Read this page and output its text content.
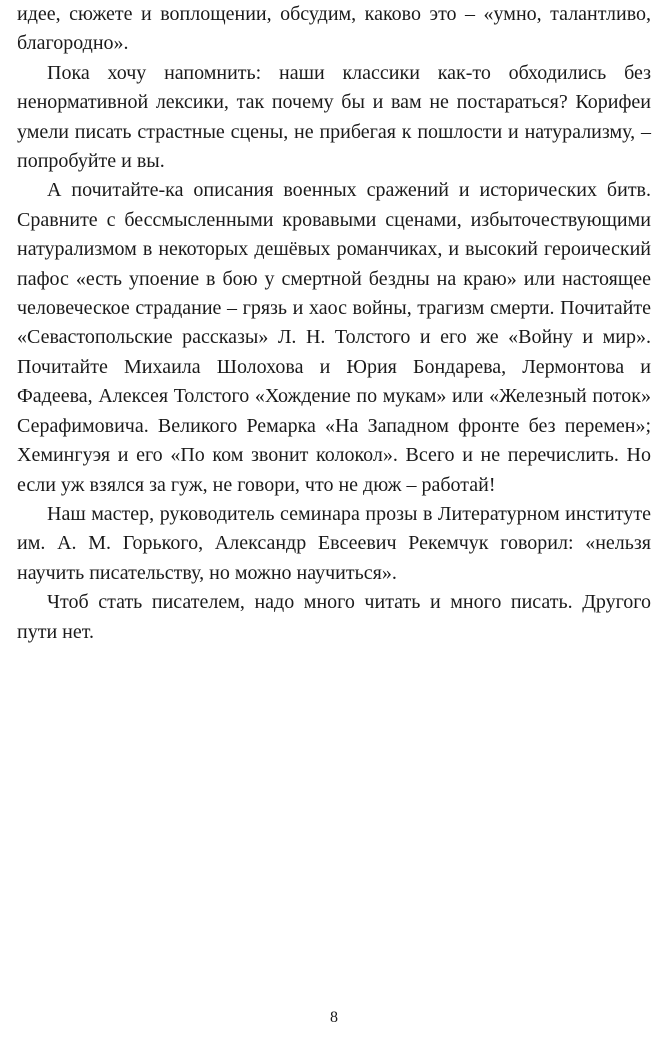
идее, сюжете и воплощении, обсудим, каково это – «умно, талантливо, благородно».

Пока хочу напомнить: наши классики как-то обходились без ненормативной лексики, так почему бы и вам не постараться? Корифеи умели писать страстные сцены, не прибегая к пошлости и натурализму, – попробуйте и вы.

А почитайте-ка описания военных сражений и исторических битв. Сравните с бессмысленными кровавыми сценами, избыточествующими натурализмом в некоторых дешёвых романчиках, и высокий героический пафос «есть упоение в бою у смертной бездны на краю» или настоящее человеческое страдание – грязь и хаос войны, трагизм смерти. Почитайте «Севастопольские рассказы» Л. Н. Толстого и его же «Войну и мир». Почитайте Михаила Шолохова и Юрия Бондарева, Лермонтова и Фадеева, Алексея Толстого «Хождение по мукам» или «Железный поток» Серафимовича. Великого Ремарка «На Западном фронте без перемен»; Хемингуэя и его «По ком звонит колокол». Всего и не перечислить. Но если уж взялся за гуж, не говори, что не дюж – работай!

Наш мастер, руководитель семинара прозы в Литературном институте им. А. М. Горького, Александр Евсеевич Рекемчук говорил: «нельзя научить писательству, но можно научиться».

Чтоб стать писателем, надо много читать и много писать. Другого пути нет.

8
